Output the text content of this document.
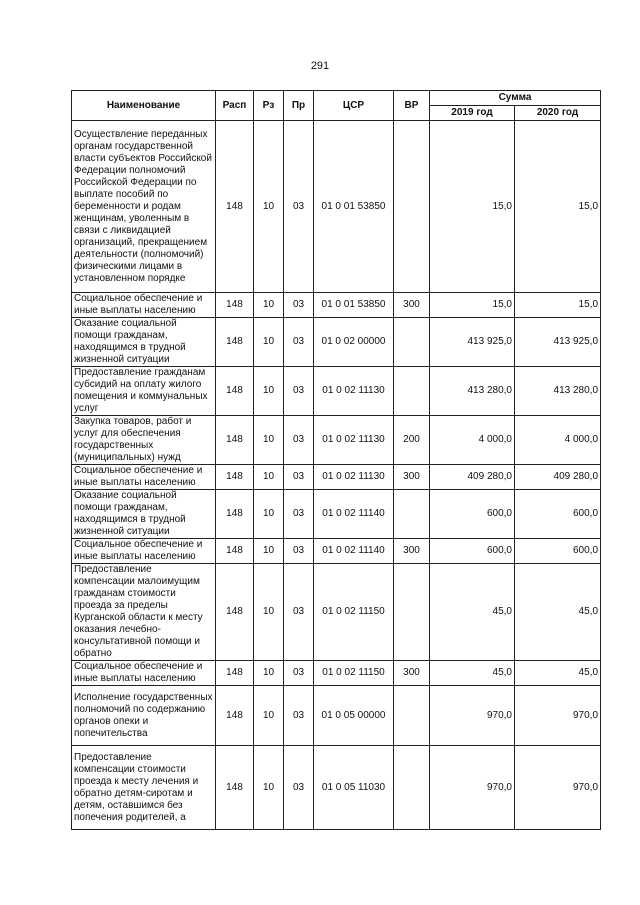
291
Наименование	Расп	Рз	Пр	ЦСР	ВР	Сумма	
						2019 год	2020 год
Осуществление переданных органам государственной власти субъектов Российской Федерации полномочий Российской Федерации по выплате пособий по беременности и родам женщинам, уволенным в связи с ликвидацией организаций, прекращением деятельности (полномочий) физическими лицами в установленном порядке	148	10	03	01 0 01 53850		15,0	15,0
Социальное обеспечение и иные выплаты населению	148	10	03	01 0 01 53850	300	15,0	15,0
Оказание социальной помощи гражданам, находящимся в трудной жизненной ситуации	148	10	03	01 0 02 00000		413 925,0	413 925,0
Предоставление гражданам субсидий на оплату жилого помещения и коммунальных услуг	148	10	03	01 0 02 11130		413 280,0	413 280,0
Закупка товаров, работ и услуг для обеспечения государственных (муниципальных) нужд	148	10	03	01 0 02 11130	200	4 000,0	4 000,0
Социальное обеспечение и иные выплаты населению	148	10	03	01 0 02 11130	300	409 280,0	409 280,0
Оказание социальной помощи гражданам, находящимся в трудной жизненной ситуации	148	10	03	01 0 02 11140		600,0	600,0
Социальное обеспечение и иные выплаты населению	148	10	03	01 0 02 11140	300	600,0	600,0
Предоставление компенсации малоимущим гражданам стоимости проезда за пределы Курганской области к месту оказания лечебно-консультативной помощи и обратно	148	10	03	01 0 02 11150		45,0	45,0
Социальное обеспечение и иные выплаты населению	148	10	03	01 0 02 11150	300	45,0	45,0
Исполнение государственных полномочий по содержанию органов опеки и попечительства	148	10	03	01 0 05 00000		970,0	970,0
Предоставление компенсации стоимости проезда к месту лечения и обратно детям-сиротам и детям, оставшимся без попечения родителей, а	148	10	03	01 0 05 11030		970,0	970,0
